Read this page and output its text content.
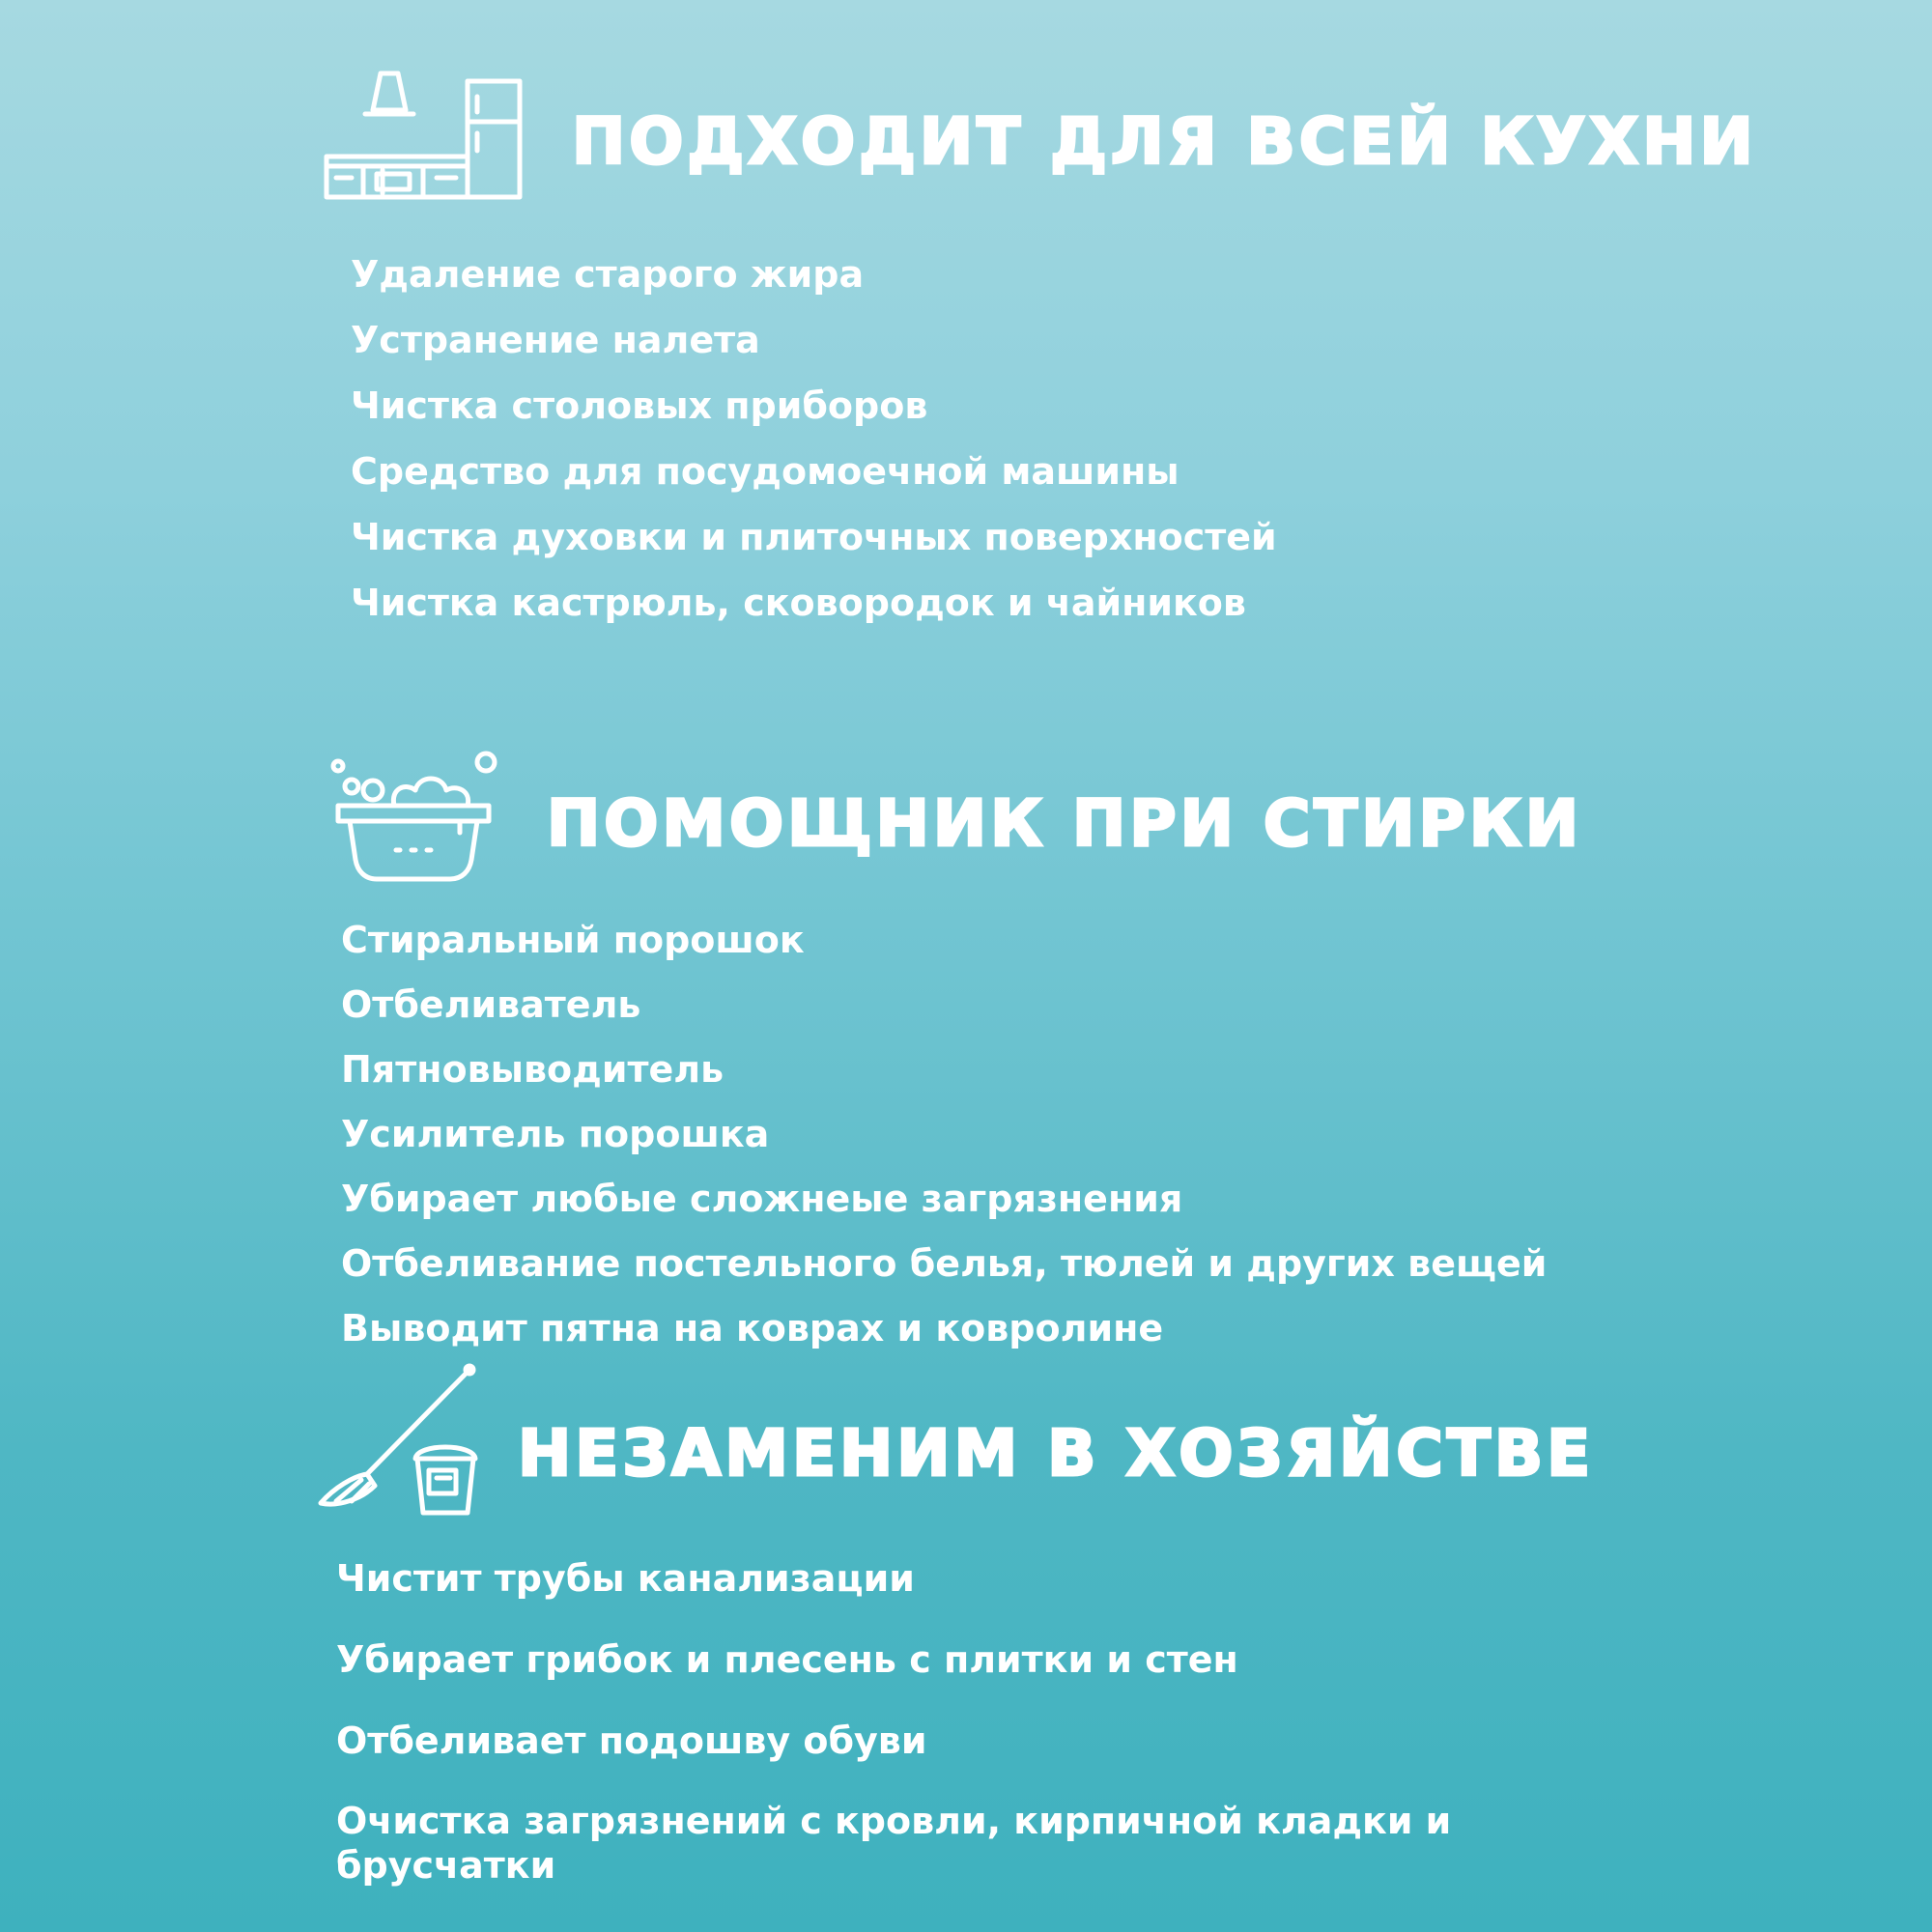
ПОДХОДИТ ДЛЯ ВСЕЙ КУХНИ
Удаление старого жира
Устранение налета
Чистка столовых приборов
Средство для посудомоечной машины
Чистка духовки и плиточных поверхностей
Чистка кастрюль, сковородок и чайников
ПОМОЩНИК ПРИ СТИРКИ
Стиральный порошок
Отбеливатель
Пятновыводитель
Усилитель порошка
Убирает любые сложнеые загрязнения
Отбеливание постельного белья, тюлей и других вещей
Выводит пятна на коврах и ковролине
НЕЗАМЕНИМ В ХОЗЯЙСТВЕ
Чистит трубы канализации
Убирает грибок и плесень с плитки и стен
Отбеливает подошву обуви
Очистка загрязнений с кровли, кирпичной кладки и брусчатки
